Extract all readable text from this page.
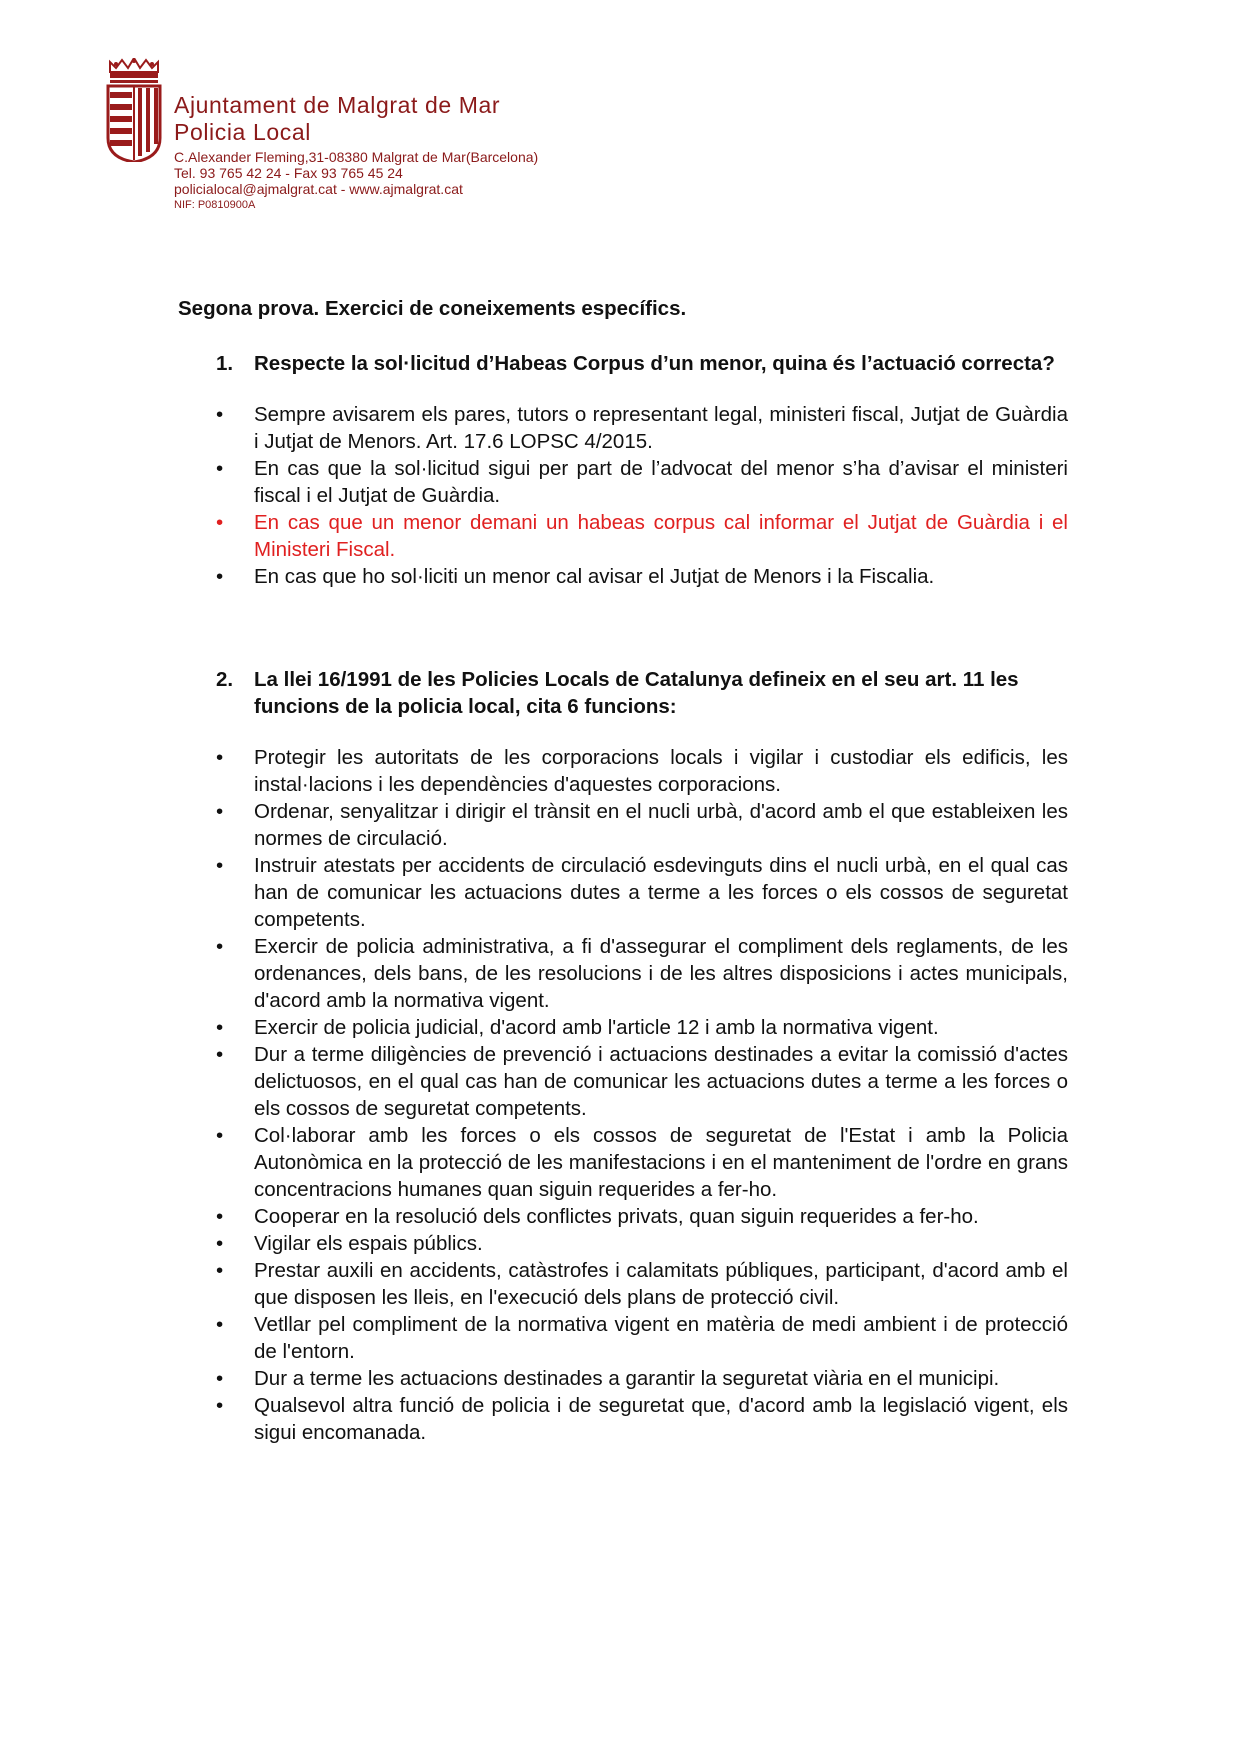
Ajuntament de Malgrat de Mar
Policia Local
C.Alexander Fleming,31-08380 Malgrat de Mar(Barcelona)
Tel. 93 765 42 24 - Fax 93 765 45 24
policialocal@ajmalgrat.cat - www.ajmalgrat.cat
NIF: P0810900A

Segona prova. Exercici de coneixements específics.

1. Respecte la sol·licitud d’Habeas Corpus d’un menor, quina és l’actuació correcta?
• Sempre avisarem els pares, tutors o representant legal, ministeri fiscal, Jutjat de Guàrdia i Jutjat de Menors. Art. 17.6 LOPSC 4/2015.
• En cas que la sol·licitud sigui per part de l’advocat del menor s’ha d’avisar el ministeri fiscal i el Jutjat de Guàrdia.
• En cas que un menor demani un habeas corpus cal informar el Jutjat de Guàrdia i el Ministeri Fiscal.
• En cas que ho sol·liciti un menor cal avisar el Jutjat de Menors i la Fiscalia.
2. La llei 16/1991 de les Policies Locals de Catalunya defineix en el seu art. 11 les funcions de la policia local, cita 6 funcions:
• Protegir les autoritats de les corporacions locals i vigilar i custodiar els edificis, les instal·lacions i les dependències d'aquestes corporacions.
• Ordenar, senyalitzar i dirigir el trànsit en el nucli urbà, d'acord amb el que estableixen les normes de circulació.
• Instruir atestats per accidents de circulació esdevinguts dins el nucli urbà, en el qual cas han de comunicar les actuacions dutes a terme a les forces o els cossos de seguretat competents.
• Exercir de policia administrativa, a fi d'assegurar el compliment dels reglaments, de les ordenances, dels bans, de les resolucions i de les altres disposicions i actes municipals, d'acord amb la normativa vigent.
• Exercir de policia judicial, d'acord amb l'article 12 i amb la normativa vigent.
• Dur a terme diligències de prevenció i actuacions destinades a evitar la comissió d'actes delictuosos, en el qual cas han de comunicar les actuacions dutes a terme a les forces o els cossos de seguretat competents.
• Col·laborar amb les forces o els cossos de seguretat de l'Estat i amb la Policia Autonòmica en la protecció de les manifestacions i en el manteniment de l'ordre en grans concentracions humanes quan siguin requerides a fer-ho.
• Cooperar en la resolució dels conflictes privats, quan siguin requerides a fer-ho.
• Vigilar els espais públics.
• Prestar auxili en accidents, catàstrofes i calamitats públiques, participant, d'acord amb el que disposen les lleis, en l'execució dels plans de protecció civil.
• Vetllar pel compliment de la normativa vigent en matèria de medi ambient i de protecció de l'entorn.
• Dur a terme les actuacions destinades a garantir la seguretat viària en el municipi.
• Qualsevol altra funció de policia i de seguretat que, d'acord amb la legislació vigent, els sigui encomanada.
